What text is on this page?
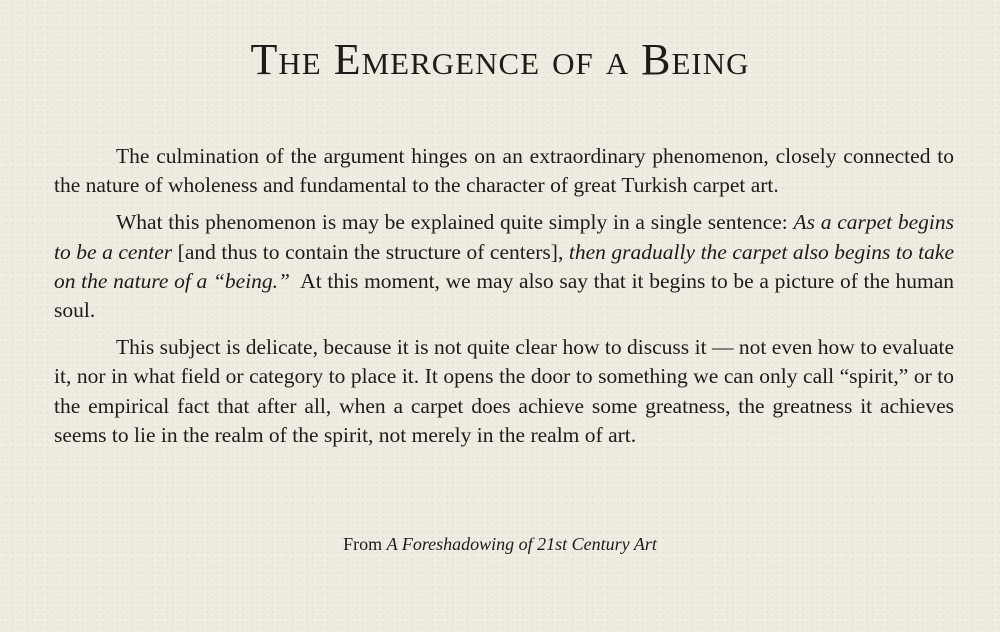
The Emergence of a Being

The culmination of the argument hinges on an extraordinary phenomenon, closely connected to the nature of wholeness and fundamental to the character of great Turkish carpet art.

What this phenomenon is may be explained quite simply in a single sentence: As a carpet begins to be a center [and thus to contain the structure of centers], then gradually the carpet also begins to take on the nature of a “being.” At this moment, we may also say that it begins to be a picture of the human soul.

This subject is delicate, because it is not quite clear how to discuss it — not even how to evaluate it, nor in what field or category to place it. It opens the door to something we can only call “spirit,” or to the empirical fact that after all, when a carpet does achieve some greatness, the greatness it achieves seems to lie in the realm of the spirit, not merely in the realm of art.

From A Foreshadowing of 21st Century Art
